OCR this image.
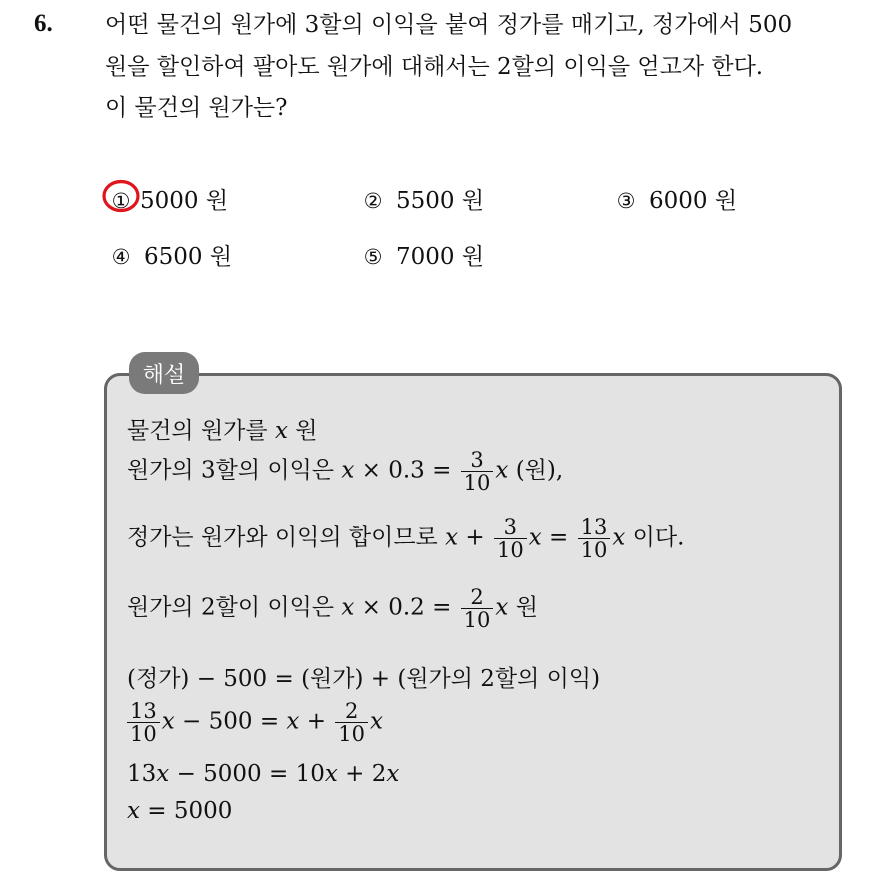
6. 어떤 물건의 원가에 3할의 이익을 붙여 정가를 매기고, 정가에서 500
원을 할인하여 팔아도 원가에 대해서는 2할의 이익을 얻고자 한다.
이 물건의 원가는?
① 5000 원	② 5500 원	③ 6000 원
④ 6500 원	⑤ 7000 원
해설
물건의 원가를 x 원
원가의 3할의 이익은 $x \times 0.3 = \frac{3}{10}$ x (원),
정가는 원가와 이익의 합이므로 $x + \frac{3}{10}$ $x = \frac{13}{10}$ x 이다.
원가의 2할이 이익은 $x \times 0.2 = \frac{2}{10}$ x 원
(정가) − 500 = (원가) + (원가의 2할의 이익)
$\frac{13}{10}$ $x - 500 = x + \frac{2}{10}$ x
13x − 5000 = 10x + 2x
x = 5000
